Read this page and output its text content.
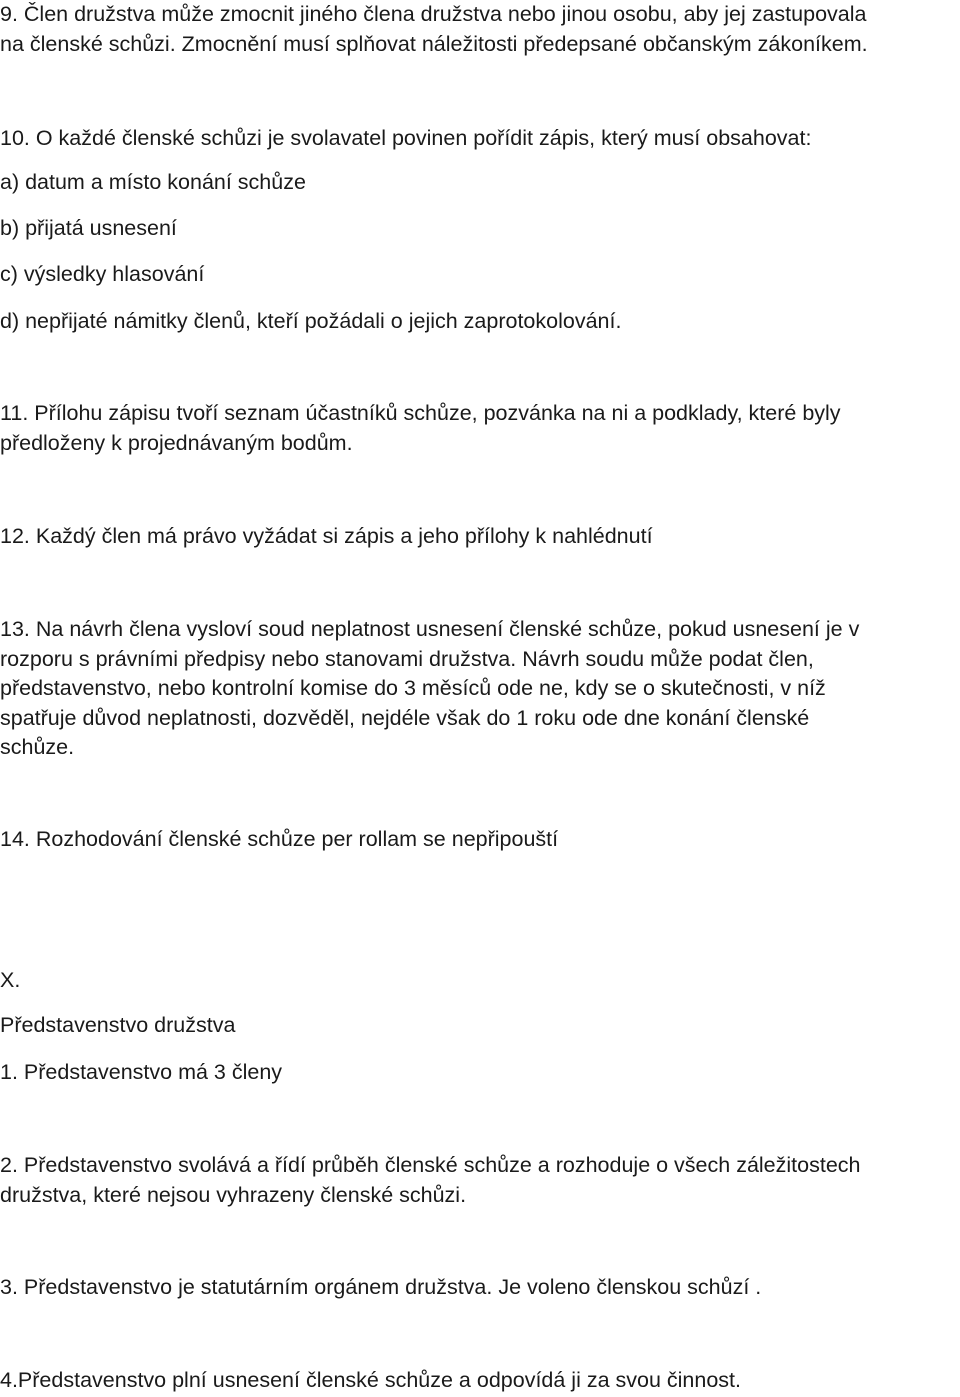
9. Člen družstva může zmocnit jiného člena družstva nebo jinou osobu, aby jej zastupovala
na členské schůzi. Zmocnění musí splňovat náležitosti předepsané občanským zákoníkem.

10. O každé členské schůzi je svolavatel povinen pořídit zápis, který musí obsahovat:

a) datum a místo konání schůze

b) přijatá usnesení

c) výsledky hlasování

d) nepřijaté námitky členů, kteří požádali o jejich zaprotokolování.

11. Přílohu zápisu tvoří seznam účastníků schůze, pozvánka na ni a podklady, které byly
předloženy k projednávaným bodům.

12. Každý člen má právo vyžádat si zápis a jeho přílohy k nahlédnutí

13. Na návrh člena vysloví soud neplatnost usnesení členské schůze, pokud usnesení je v
rozporu s právními předpisy nebo stanovami družstva. Návrh soudu může podat člen,
představenstvo, nebo kontrolní komise do 3 měsíců ode ne, kdy se o skutečnosti, v níž
spatřuje důvod neplatnosti, dozvěděl, nejdéle však do 1 roku ode dne konání členské
schůze.

14. Rozhodování členské schůze per rollam se nepřipouští

X.

Představenstvo družstva

1. Představenstvo má 3 členy

2. Představenstvo svolává a řídí průběh členské schůze a rozhoduje o všech záležitostech
družstva, které nejsou vyhrazeny členské schůzi.

3. Představenstvo je statutárním orgánem družstva. Je voleno členskou schůzí .

4.Představenstvo plní usnesení členské schůze a odpovídá ji za svou činnost.
